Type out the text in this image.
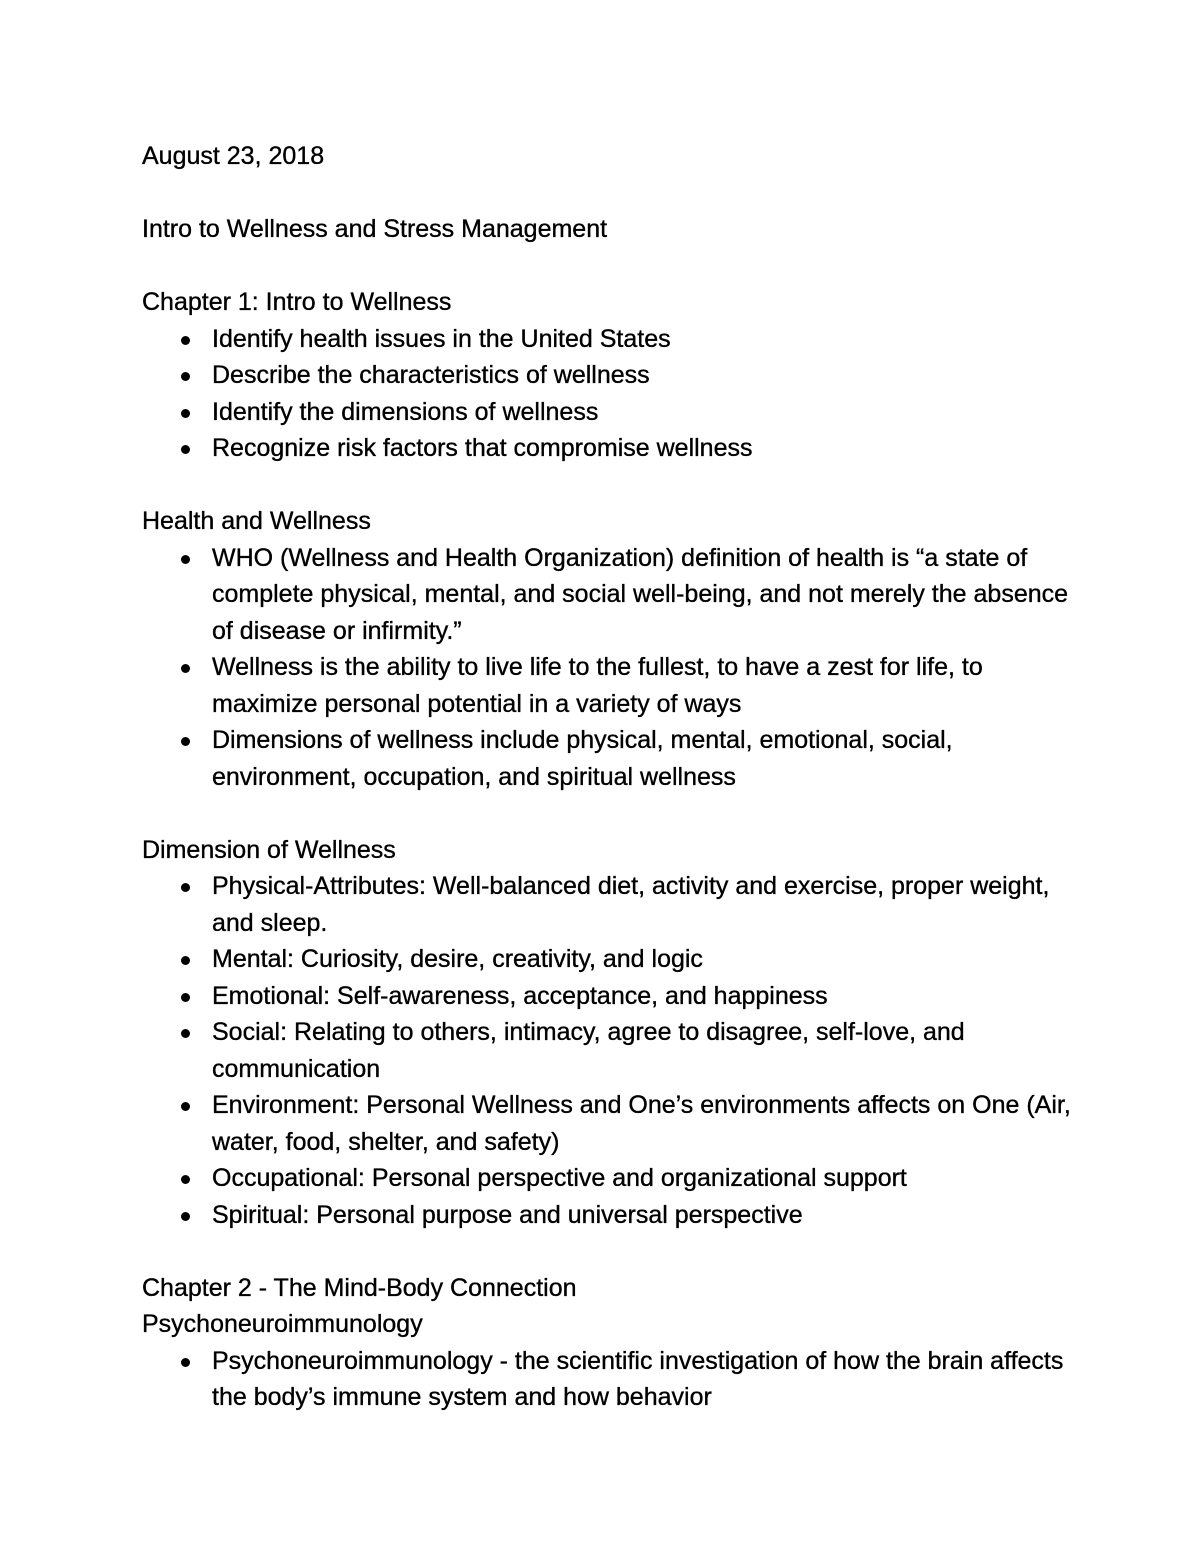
August 23, 2018

Intro to Wellness and Stress Management

Chapter 1: Intro to Wellness

Identify health issues in the United States
Describe the characteristics of wellness
Identify the dimensions of wellness
Recognize risk factors that compromise wellness

Health and Wellness

WHO (Wellness and Health Organization) definition of health is “a state of complete physical, mental, and social well-being, and not merely the absence of disease or infirmity.”
Wellness is the ability to live life to the fullest, to have a zest for life, to maximize personal potential in a variety of ways
Dimensions of wellness include physical, mental, emotional, social, environment, occupation, and spiritual wellness

Dimension of Wellness

Physical-Attributes: Well-balanced diet, activity and exercise, proper weight, and sleep.
Mental: Curiosity, desire, creativity, and logic
Emotional: Self-awareness, acceptance, and happiness
Social: Relating to others, intimacy, agree to disagree, self-love, and communication
Environment: Personal Wellness and One’s environments affects on One (Air, water, food, shelter, and safety)
Occupational: Personal perspective and organizational support
Spiritual: Personal purpose and universal perspective

Chapter 2 - The Mind-Body Connection

Psychoneuroimmunology

Psychoneuroimmunology - the scientific investigation of how the brain affects the body’s immune system and how behavior
